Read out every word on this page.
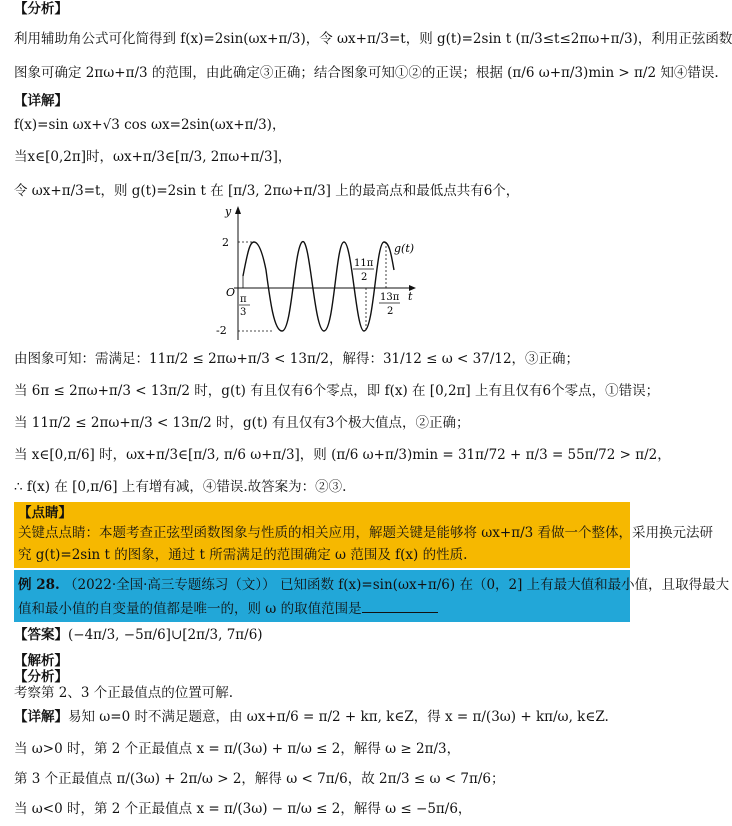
【分析】
利用辅助角公式可化简得到 f(x)=2sin(ωx+π/3)，令 ωx+π/3=t，则 g(t)=2sin t (π/3≤t≤2πω+π/3)，利用正弦函数
图象可确定 2πω+π/3 的范围，由此确定③正确；结合图象可知①②的正误；根据 (π/6 ω+π/3)min > π/2 知④错误.
【详解】
f(x)=sin ωx+√3 cos ωx=2sin(ωx+π/3)，
当x∈[0,2π]时，ωx+π/3∈[π/3, 2πω+π/3]，
令 ωx+π/3=t，则 g(t)=2sin t 在 [π/3, 2πω+π/3] 上的最高点和最低点共有6个，
y
t
O
2
-2
π
3
11π
2
13π
2
g(t)
由图象可知：需满足：11π/2 ≤ 2πω+π/3 < 13π/2，解得：31/12 ≤ ω < 37/12，③正确；
当 6π ≤ 2πω+π/3 < 13π/2 时，g(t) 有且仅有6个零点，即 f(x) 在 [0,2π] 上有且仅有6个零点，①错误；
当 11π/2 ≤ 2πω+π/3 < 13π/2 时，g(t) 有且仅有3个极大值点，②正确；
当 x∈[0,π/6] 时，ωx+π/3∈[π/3, π/6 ω+π/3]，则 (π/6 ω+π/3)min = 31π/72 + π/3 = 55π/72 > π/2，
∴ f(x) 在 [0,π/6] 上有增有减，④错误.故答案为：②③.
【点睛】
关键点点睛：本题考查正弦型函数图象与性质的相关应用，解题关键是能够将 ωx+π/3 看做一个整体，采用换元法研
究 g(t)=2sin t 的图象，通过 t 所需满足的范围确定 ω 范围及 f(x) 的性质.
例 28. （2022·全国·高三专题练习（文）） 已知函数 f(x)=sin(ωx+π/6) 在（0，2] 上有最大值和最小值，且取得最大
值和最小值的自变量的值都是唯一的，则 ω 的取值范围是
【答案】(−4π/3, −5π/6]∪[2π/3, 7π/6)
【解析】
【分析】
考察第 2、3 个正最值点的位置可解.
【详解】易知 ω=0 时不满足题意，由 ωx+π/6 = π/2 + kπ, k∈Z，得 x = π/(3ω) + kπ/ω, k∈Z.
当 ω>0 时，第 2 个正最值点 x = π/(3ω) + π/ω ≤ 2，解得 ω ≥ 2π/3，
第 3 个正最值点 π/(3ω) + 2π/ω > 2，解得 ω < 7π/6，故 2π/3 ≤ ω < 7π/6；
当 ω<0 时，第 2 个正最值点 x = π/(3ω) − π/ω ≤ 2，解得 ω ≤ −5π/6，
